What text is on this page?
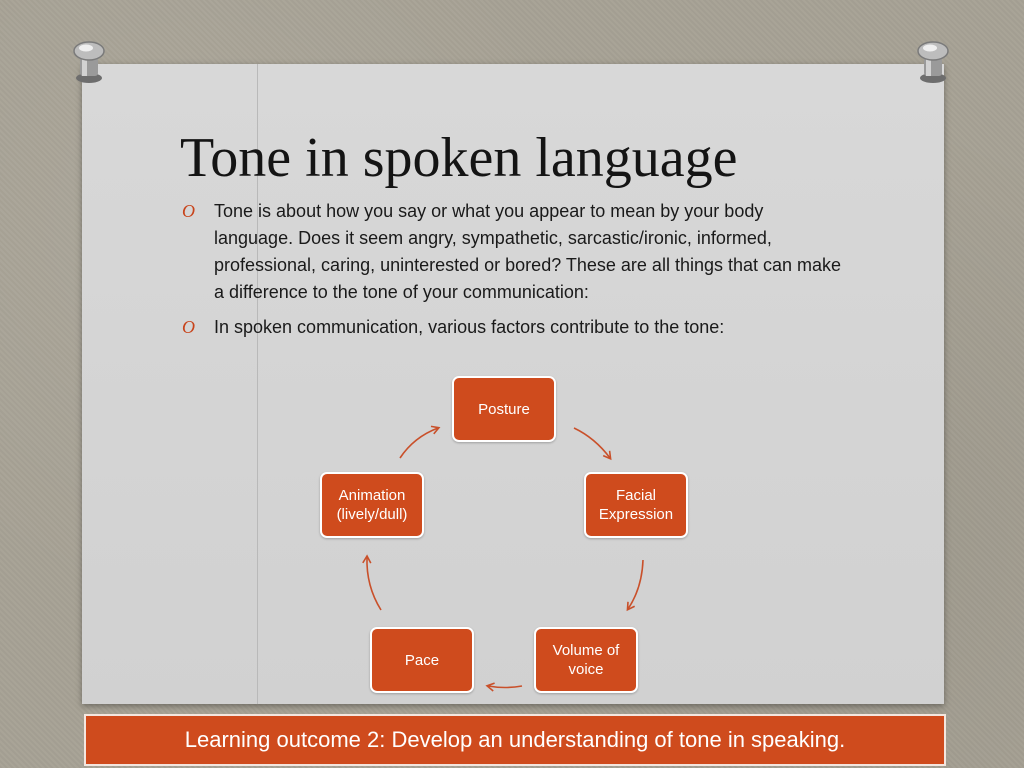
Tone in spoken language
O Tone is about how you say or what you appear to mean by your body language. Does it seem angry, sympathetic, sarcastic/ironic, informed, professional, caring, uninterested or bored? These are all things that can make a difference to the tone of your communication:
O In spoken communication, various factors contribute to the tone:
Posture
Facial
Expression
Volume of
voice
Pace
Animation
(lively/dull)
Learning outcome 2: Develop an understanding of tone in speaking.
